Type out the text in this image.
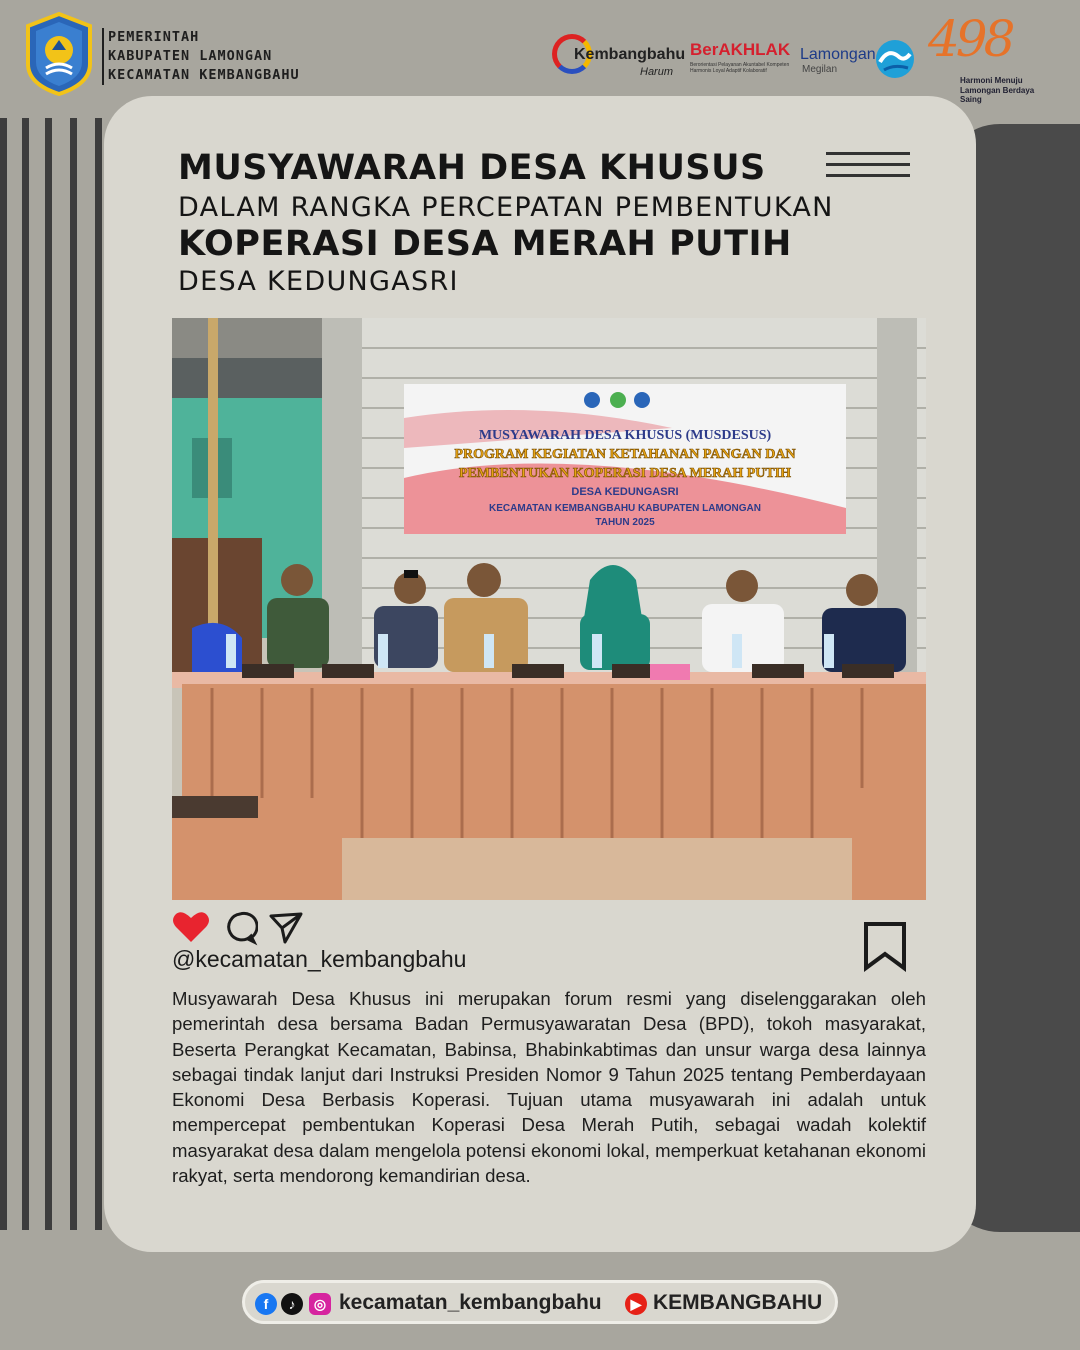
PEMERINTAH
KABUPATEN LAMONGAN
KECAMATAN KEMBANGBAHU
Kembangbahu
Harum
BerAKHLAK
Berorientasi Pelayanan Akuntabel Kompeten Harmonis Loyal Adaptif Kolaboratif
Lamongan
Megilan
498
Harmoni Menuju
Lamongan Berdaya Saing
MUSYAWARAH DESA KHUSUS
DALAM RANGKA PERCEPATAN PEMBENTUKAN
KOPERASI DESA MERAH PUTIH
DESA KEDUNGASRI
MUSYAWARAH DESA KHUSUS (MUSDESUS)
PROGRAM KEGIATAN KETAHANAN PANGAN DAN
PEMBENTUKAN KOPERASI DESA MERAH PUTIH
DESA KEDUNGASRI
KECAMATAN KEMBANGBAHU KABUPATEN LAMONGAN
TAHUN 2025
@kecamatan_kembangbahu
Musyawarah Desa Khusus ini merupakan forum resmi yang diselenggarakan oleh pemerintah desa bersama Badan Permusyawaratan Desa (BPD), tokoh masyarakat, Beserta Perangkat Kecamatan, Babinsa, Bhabinkabtimas dan unsur warga desa lainnya sebagai tindak lanjut dari Instruksi Presiden Nomor 9 Tahun 2025 tentang Pemberdayaan Ekonomi Desa Berbasis Koperasi. Tujuan utama musyawarah ini adalah untuk mempercepat pembentukan Koperasi Desa Merah Putih, sebagai wadah kolektif masyarakat desa dalam mengelola potensi ekonomi lokal, memperkuat ketahanan ekonomi rakyat, serta mendorong kemandirian desa.
f	♪	◎ kecamatan_kembangbahu	▶ KEMBANGBAHU
